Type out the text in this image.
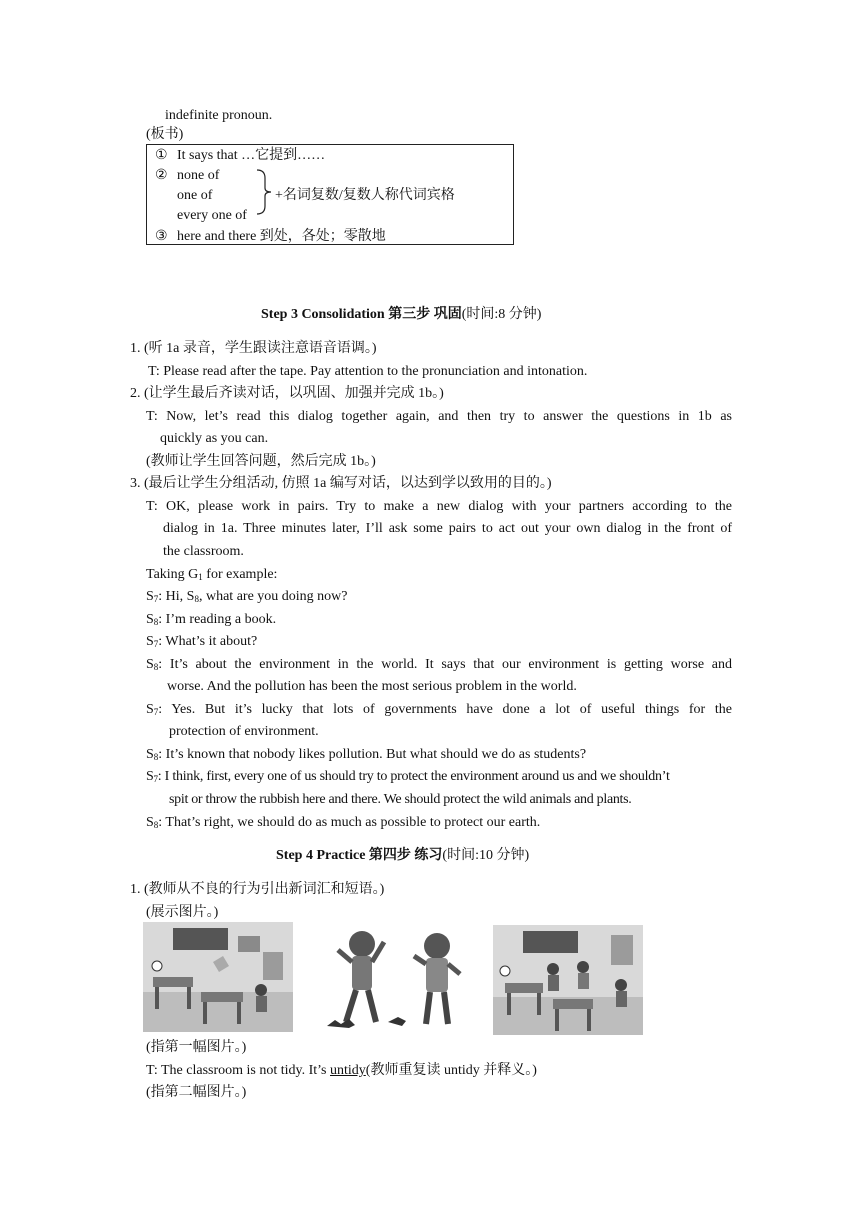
indefinite pronoun.
(板书)
① It says that …它提到……
② none of
one of
every one of
+名词复数/复数人称代词宾格
③ here and there 到处，各处；零散地
Step 3 Consolidation 第三步 巩固(时间:8 分钟)
1. (听 1a 录音，学生跟读注意语音语调。)
T: Please read after the tape. Pay attention to the pronunciation and intonation.
2. (让学生最后齐读对话，以巩固、加强并完成 1b。)
T: Now, let’s read this dialog together again, and then try to answer the questions in 1b as
quickly as you can.
(教师让学生回答问题，然后完成 1b。)
3. (最后让学生分组活动, 仿照 1a 编写对话，以达到学以致用的目的。)
T: OK, please work in pairs. Try to make a new dialog with your partners according to the
dialog in 1a. Three minutes later, I’ll ask some pairs to act out your own dialog in the front of
the classroom.
Taking $G_1$ for example:
$S_7$: Hi, $S_8$, what are you doing now?
$S_8$: I’m reading a book.
$S_7$: What’s it about?
$S_8$: It’s about the environment in the world. It says that our environment is getting worse and
worse. And the pollution has been the most serious problem in the world.
$S_7$: Yes. But it’s lucky that lots of governments have done a lot of useful things for the
protection of environment.
$S_8$: It’s known that nobody likes pollution. But what should we do as students?
$S_7$: I think, first, every one of us should try to protect the environment around us and we shouldn’t
spit or throw the rubbish here and there. We should protect the wild animals and plants.
$S_8$: That’s right, we should do as much as possible to protect our earth.
Step 4 Practice 第四步 练习(时间:10 分钟)
1. (教师从不良的行为引出新词汇和短语。)
(展示图片。)
(指第一幅图片。)
T: The classroom is not tidy. It’s untidy(教师重复读 untidy 并释义。)
(指第二幅图片。)
